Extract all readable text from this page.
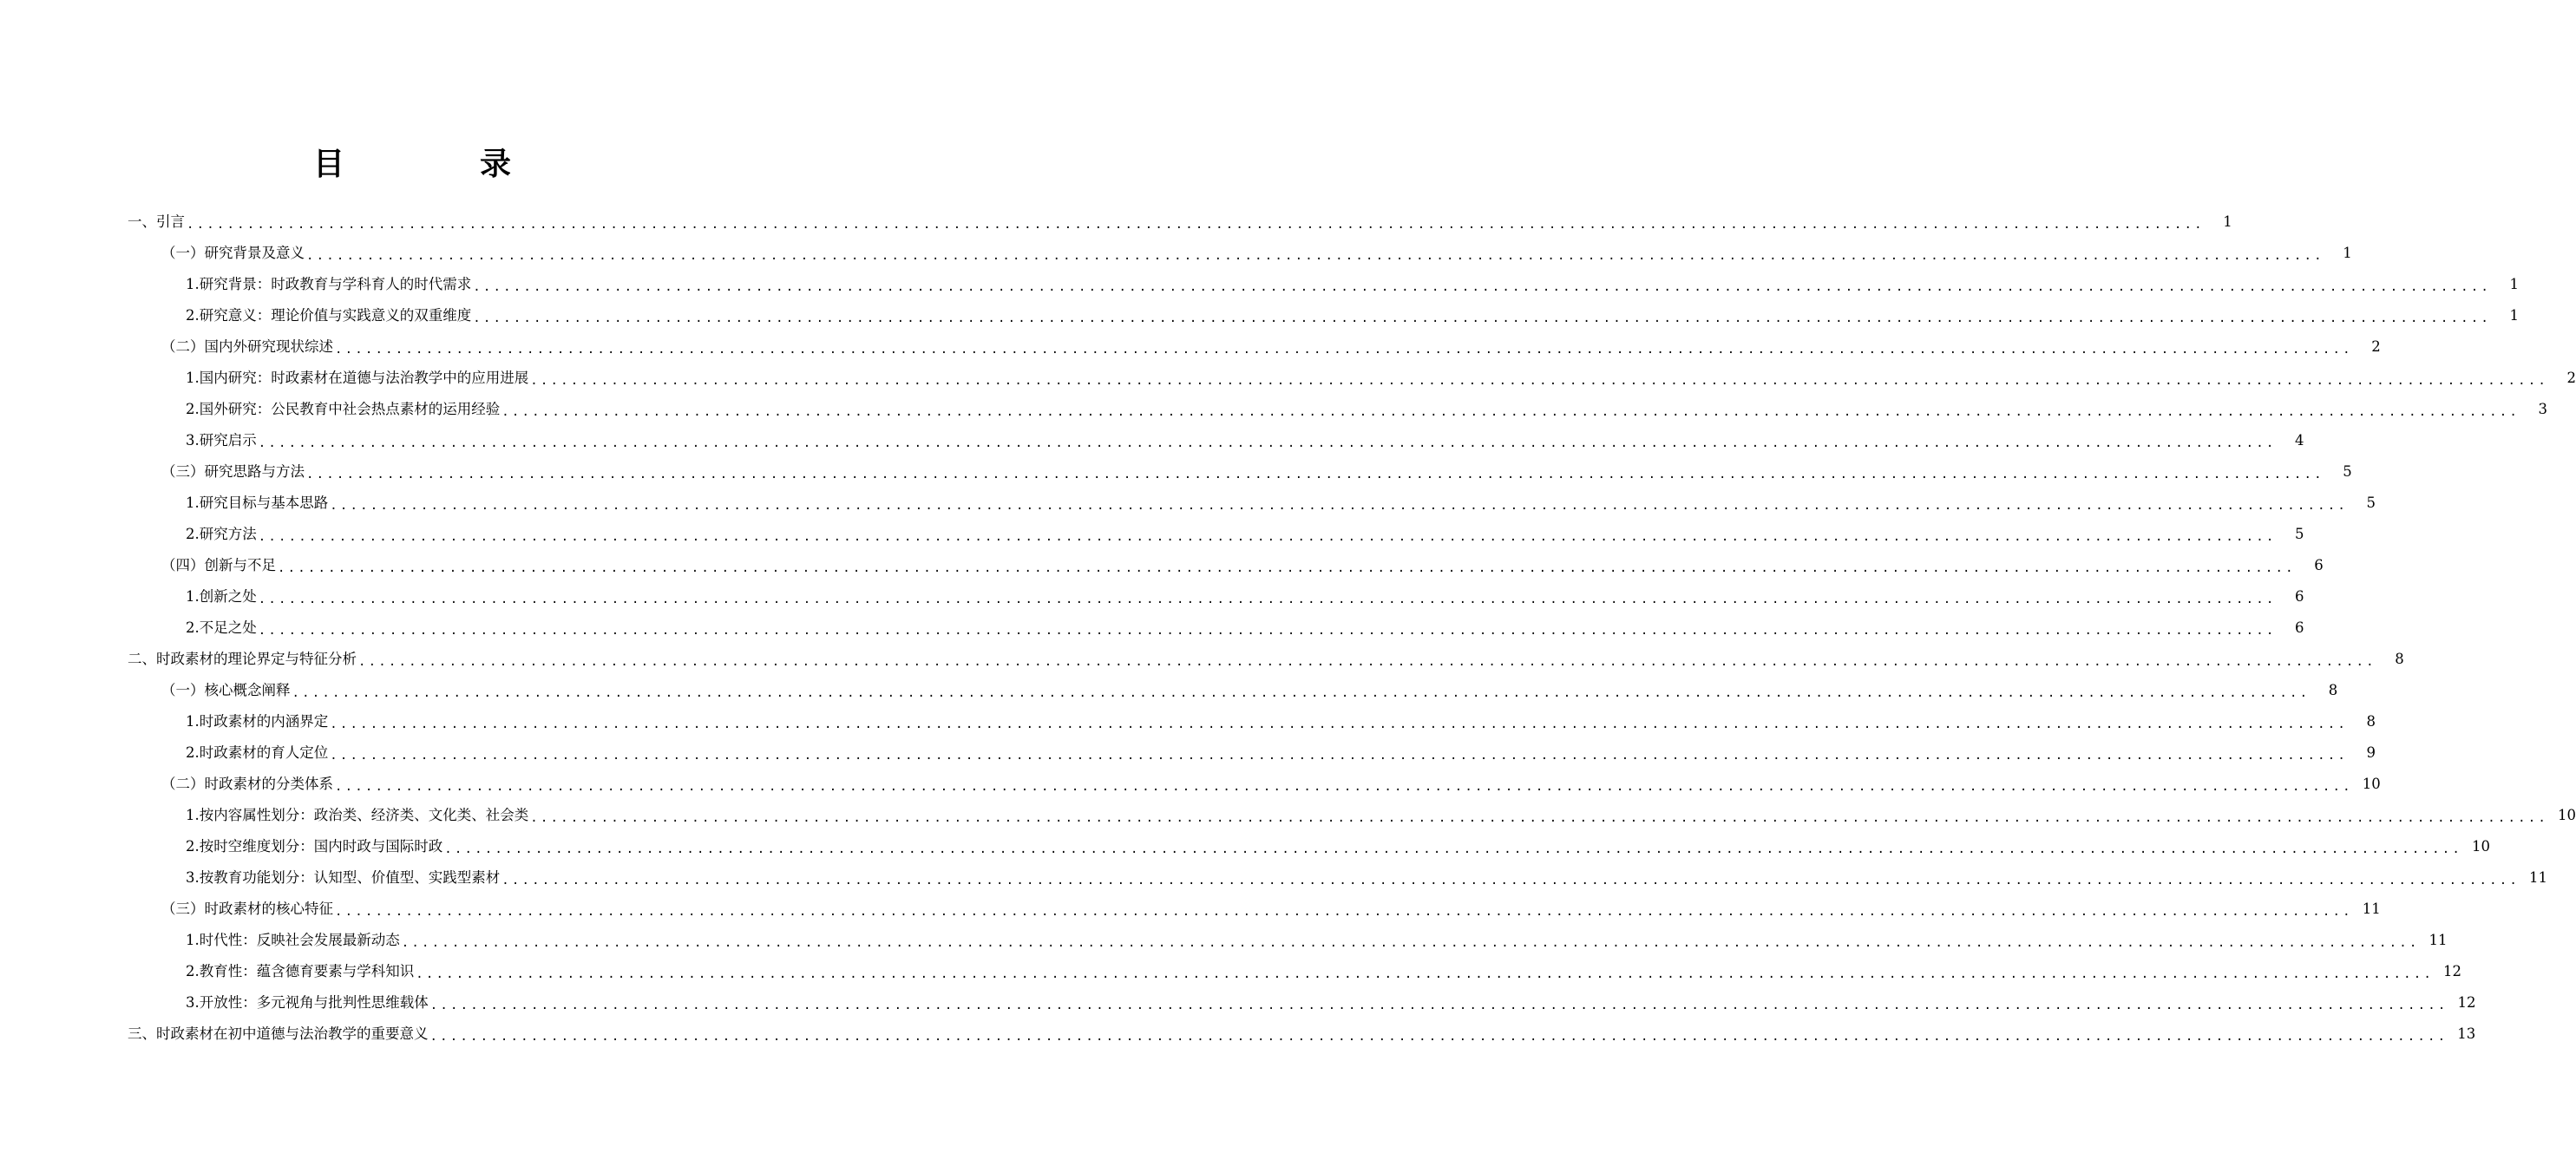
目　录
一、引言 ........................................................................................................................................................................................................	1
（一）研究背景及意义 ........................................................................................................................................................................................................	1
1.研究背景：时政教育与学科育人的时代需求 ........................................................................................................................................................................................................	1
2.研究意义：理论价值与实践意义的双重维度 ........................................................................................................................................................................................................	1
（二）国内外研究现状综述 ........................................................................................................................................................................................................	2
1.国内研究：时政素材在道德与法治教学中的应用进展 ........................................................................................................................................................................................................	2
2.国外研究：公民教育中社会热点素材的运用经验 ........................................................................................................................................................................................................	3
3.研究启示 ........................................................................................................................................................................................................	4
（三）研究思路与方法 ........................................................................................................................................................................................................	5
1.研究目标与基本思路 ........................................................................................................................................................................................................	5
2.研究方法 ........................................................................................................................................................................................................	5
（四）创新与不足 ........................................................................................................................................................................................................	6
1.创新之处 ........................................................................................................................................................................................................	6
2.不足之处 ........................................................................................................................................................................................................	6
二、时政素材的理论界定与特征分析 ........................................................................................................................................................................................................	8
（一）核心概念阐释 ........................................................................................................................................................................................................	8
1.时政素材的内涵界定 ........................................................................................................................................................................................................	8
2.时政素材的育人定位 ........................................................................................................................................................................................................	9
（二）时政素材的分类体系 ........................................................................................................................................................................................................ 10
1.按内容属性划分：政治类、经济类、文化类、社会类 ........................................................................................................................................................................................................ 10
2.按时空维度划分：国内时政与国际时政 ........................................................................................................................................................................................................ 10
3.按教育功能划分：认知型、价值型、实践型素材 ........................................................................................................................................................................................................ 11
（三）时政素材的核心特征 ........................................................................................................................................................................................................ 11
1.时代性：反映社会发展最新动态 ........................................................................................................................................................................................................ 11
2.教育性：蕴含德育要素与学科知识 ........................................................................................................................................................................................................ 12
3.开放性：多元视角与批判性思维载体 ........................................................................................................................................................................................................ 12
三、时政素材在初中道德与法治教学的重要意义 ........................................................................................................................................................................................................ 13
